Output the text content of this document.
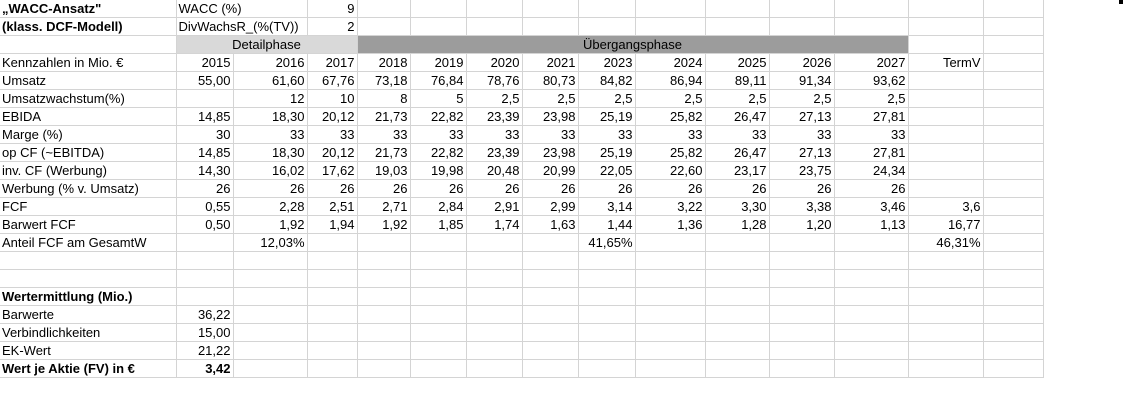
„WACC-Ansatz"	WACC (%)		9											
(klass. DCF-Modell)	DivWachsR_(%(TV))		2											
	Detailphase			Übergangsphase										
Kennzahlen in Mio. €	2015	2016	2017	2018	2019	2020	2021	2023	2024	2025	2026	2027	TermV	
Umsatz	55,00	61,60	67,76	73,18	76,84	78,76	80,73	84,82	86,94	89,11	91,34	93,62		
Umsatzwachstum(%)		12	10	8	5	2,5	2,5	2,5	2,5	2,5	2,5	2,5		
EBIDA	14,85	18,30	20,12	21,73	22,82	23,39	23,98	25,19	25,82	26,47	27,13	27,81		
Marge (%)	30	33	33	33	33	33	33	33	33	33	33	33		
op CF (~EBITDA)	14,85	18,30	20,12	21,73	22,82	23,39	23,98	25,19	25,82	26,47	27,13	27,81		
inv. CF (Werbung)	14,30	16,02	17,62	19,03	19,98	20,48	20,99	22,05	22,60	23,17	23,75	24,34		
Werbung (% v. Umsatz)	26	26	26	26	26	26	26	26	26	26	26	26		
FCF	0,55	2,28	2,51	2,71	2,84	2,91	2,99	3,14	3,22	3,30	3,38	3,46	3,6	
Barwert FCF	0,50	1,92	1,94	1,92	1,85	1,74	1,63	1,44	1,36	1,28	1,20	1,13	16,77	
Anteil FCF am GesamtW		12,03%						41,65%					46,31%	

Wertermittlung (Mio.)														
Barwerte	36,22													
Verbindlichkeiten	15,00													
EK-Wert	21,22													
Wert je Aktie (FV) in €	3,42													
